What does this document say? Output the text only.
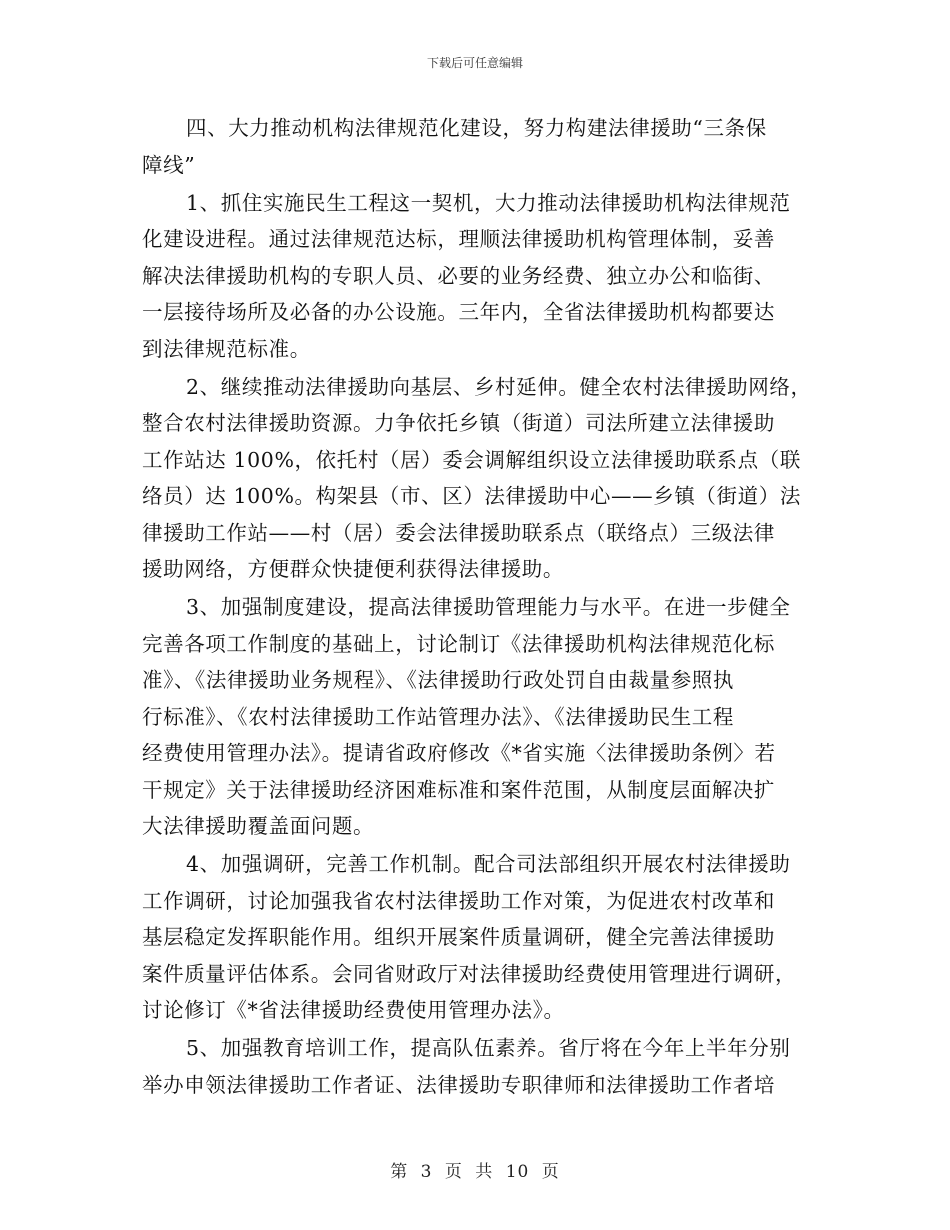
下载后可任意编辑
四、大力推动机构法律规范化建设，努力构建法律援助“三条保
障线”
1、抓住实施民生工程这一契机，大力推动法律援助机构法律规范
化建设进程。通过法律规范达标，理顺法律援助机构管理体制，妥善
解决法律援助机构的专职人员、必要的业务经费、独立办公和临街、
一层接待场所及必备的办公设施。三年内，全省法律援助机构都要达
到法律规范标准。
2、继续推动法律援助向基层、乡村延伸。健全农村法律援助网络，
整合农村法律援助资源。力争依托乡镇（街道）司法所建立法律援助
工作站达 100%，依托村（居）委会调解组织设立法律援助联系点（联
络员）达 100%。构架县（市、区）法律援助中心——乡镇（街道）法
律援助工作站——村（居）委会法律援助联系点（联络点）三级法律
援助网络，方便群众快捷便利获得法律援助。
3、加强制度建设，提高法律援助管理能力与水平。在进一步健全
完善各项工作制度的基础上，讨论制订《法律援助机构法律规范化标
准》、《法律援助业务规程》、《法律援助行政处罚自由裁量参照执
行标准》、《农村法律援助工作站管理办法》、《法律援助民生工程
经费使用管理办法》。提请省政府修改《*省实施〈法律援助条例〉若
干规定》关于法律援助经济困难标准和案件范围，从制度层面解决扩
大法律援助覆盖面问题。
4、加强调研，完善工作机制。配合司法部组织开展农村法律援助
工作调研，讨论加强我省农村法律援助工作对策，为促进农村改革和
基层稳定发挥职能作用。组织开展案件质量调研，健全完善法律援助
案件质量评估体系。会同省财政厅对法律援助经费使用管理进行调研，
讨论修订《*省法律援助经费使用管理办法》。
5、加强教育培训工作，提高队伍素养。省厅将在今年上半年分别
举办申领法律援助工作者证、法律援助专职律师和法律援助工作者培
第 3 页 共 10 页
